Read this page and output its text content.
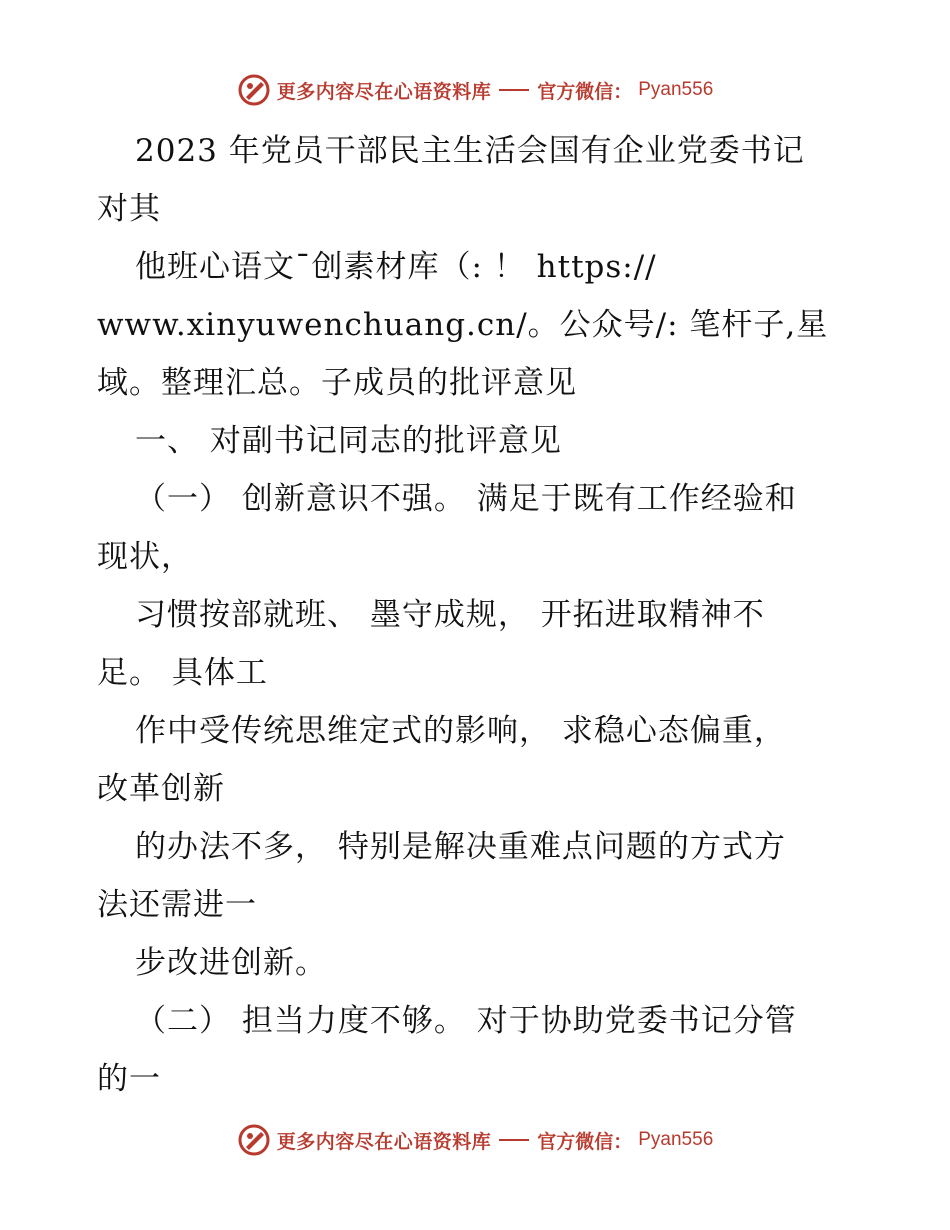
更多内容尽在心语资料库 官方微信： Pyan556
2023 年党员干部民主生活会国有企业党委书记
对其
他班心语文¯创素材库（: ！ https://
www.xinyuwenchuang.cn/。公众号/: 笔杆子,星
域。整理汇总。子成员的批评意见
一、 对副书记同志的批评意见
（一） 创新意识不强。 满足于既有工作经验和
现状，
习惯按部就班、 墨守成规， 开拓进取精神不
足。 具体工
作中受传统思维定式的影响， 求稳心态偏重，
改革创新
的办法不多， 特别是解决重难点问题的方式方
法还需进一
步改进创新。
（二） 担当力度不够。 对于协助党委书记分管
的一
更多内容尽在心语资料库 官方微信： Pyan556
